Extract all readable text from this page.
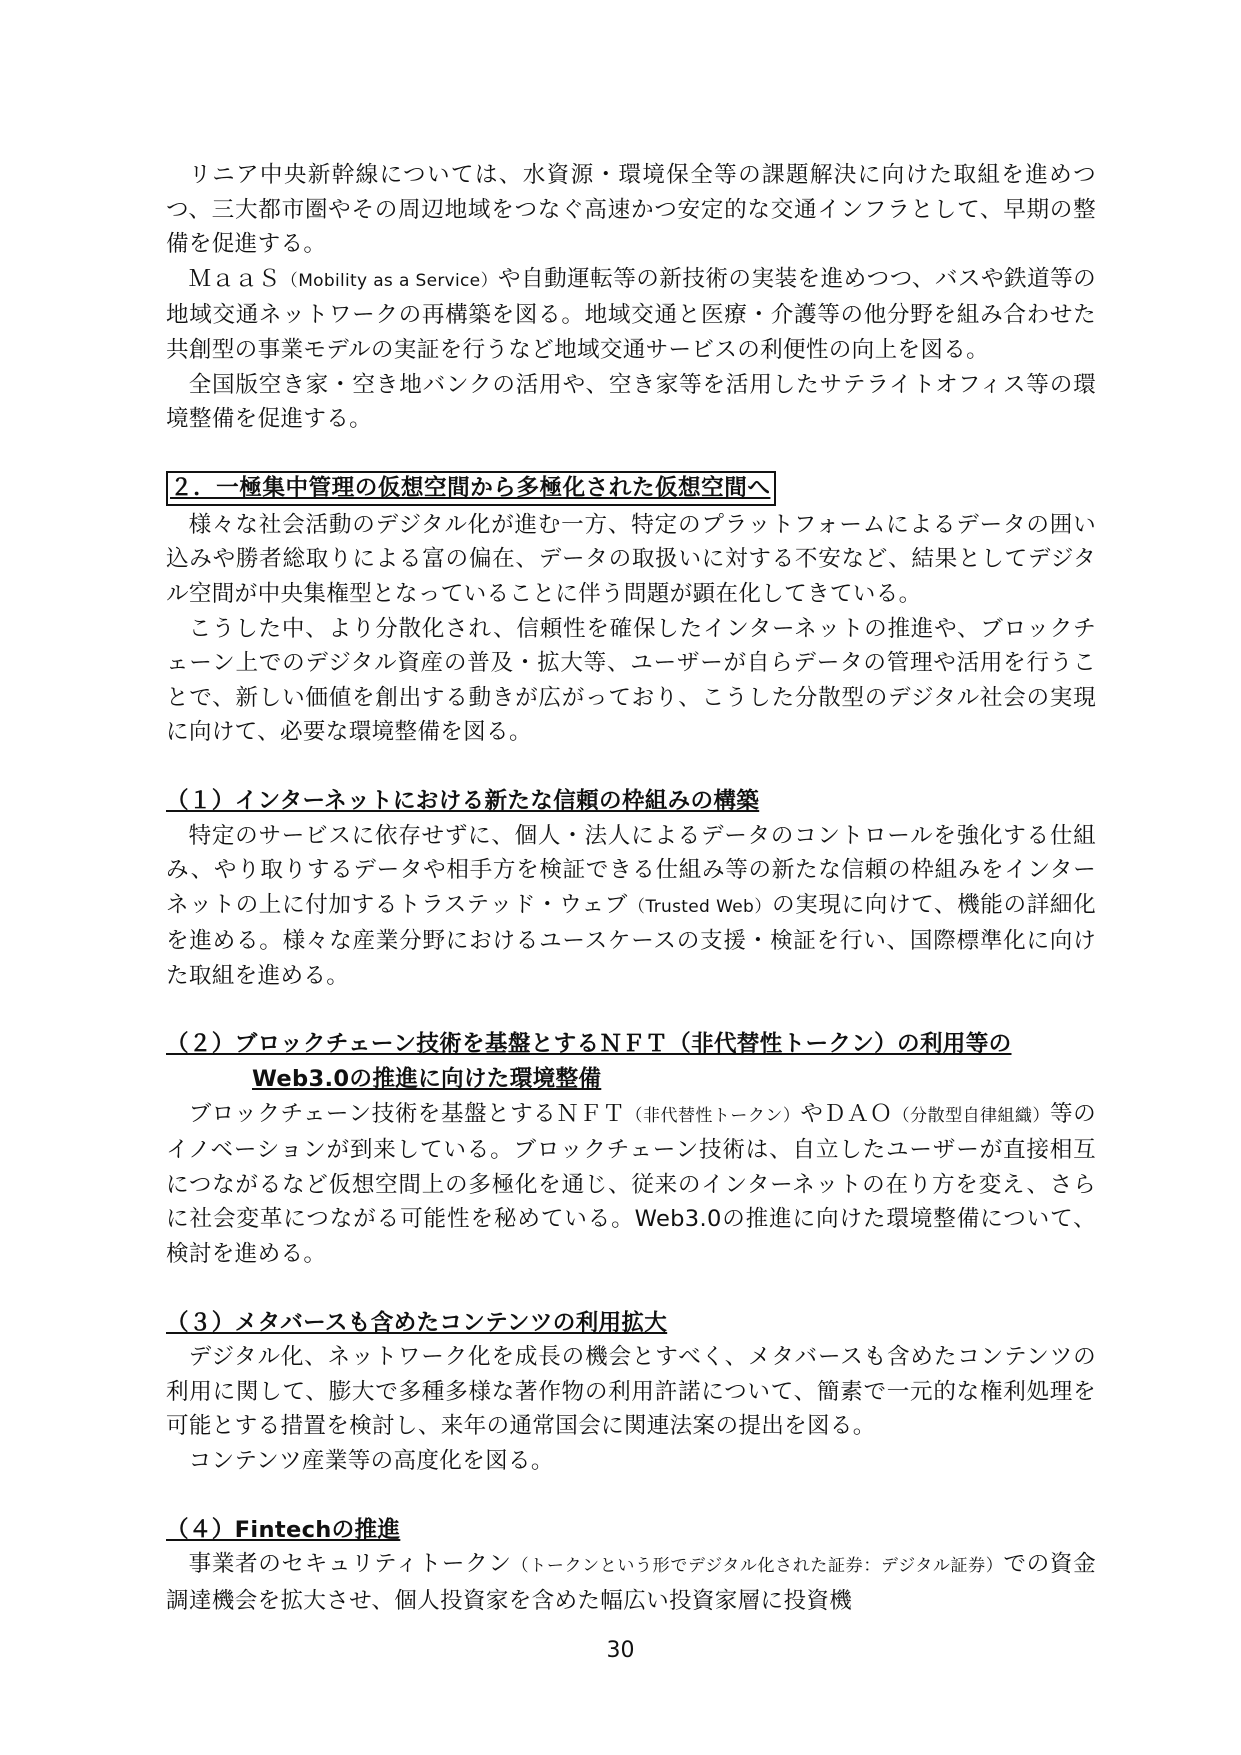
リニア中央新幹線については、水資源・環境保全等の課題解決に向けた取組を進めつつ、三大都市圏やその周辺地域をつなぐ高速かつ安定的な交通インフラとして、早期の整備を促進する。

ＭａａＳ（Mobility as a Service）や自動運転等の新技術の実装を進めつつ、バスや鉄道等の地域交通ネットワークの再構築を図る。地域交通と医療・介護等の他分野を組み合わせた共創型の事業モデルの実証を行うなど地域交通サービスの利便性の向上を図る。

全国版空き家・空き地バンクの活用や、空き家等を活用したサテライトオフィス等の環境整備を促進する。

２．一極集中管理の仮想空間から多極化された仮想空間へ

様々な社会活動のデジタル化が進む一方、特定のプラットフォームによるデータの囲い込みや勝者総取りによる富の偏在、データの取扱いに対する不安など、結果としてデジタル空間が中央集権型となっていることに伴う問題が顕在化してきている。

こうした中、より分散化され、信頼性を確保したインターネットの推進や、ブロックチェーン上でのデジタル資産の普及・拡大等、ユーザーが自らデータの管理や活用を行うことで、新しい価値を創出する動きが広がっており、こうした分散型のデジタル社会の実現に向けて、必要な環境整備を図る。

（１）インターネットにおける新たな信頼の枠組みの構築

特定のサービスに依存せずに、個人・法人によるデータのコントロールを強化する仕組み、やり取りするデータや相手方を検証できる仕組み等の新たな信頼の枠組みをインターネットの上に付加するトラステッド・ウェブ（Trusted Web）の実現に向けて、機能の詳細化を進める。様々な産業分野におけるユースケースの支援・検証を行い、国際標準化に向けた取組を進める。

（２）ブロックチェーン技術を基盤とするＮＦＴ（非代替性トークン）の利用等の
Web3.0の推進に向けた環境整備

ブロックチェーン技術を基盤とするＮＦＴ（非代替性トークン）やＤＡＯ（分散型自律組織）等のイノベーションが到来している。ブロックチェーン技術は、自立したユーザーが直接相互につながるなど仮想空間上の多極化を通じ、従来のインターネットの在り方を変え、さらに社会変革につながる可能性を秘めている。Web3.0の推進に向けた環境整備について、検討を進める。

（３）メタバースも含めたコンテンツの利用拡大

デジタル化、ネットワーク化を成長の機会とすべく、メタバースも含めたコンテンツの利用に関して、膨大で多種多様な著作物の利用許諾について、簡素で一元的な権利処理を可能とする措置を検討し、来年の通常国会に関連法案の提出を図る。

コンテンツ産業等の高度化を図る。

（４）Fintechの推進

事業者のセキュリティトークン（トークンという形でデジタル化された証券：デジタル証券）での資金調達機会を拡大させ、個人投資家を含めた幅広い投資家層に投資機

30
